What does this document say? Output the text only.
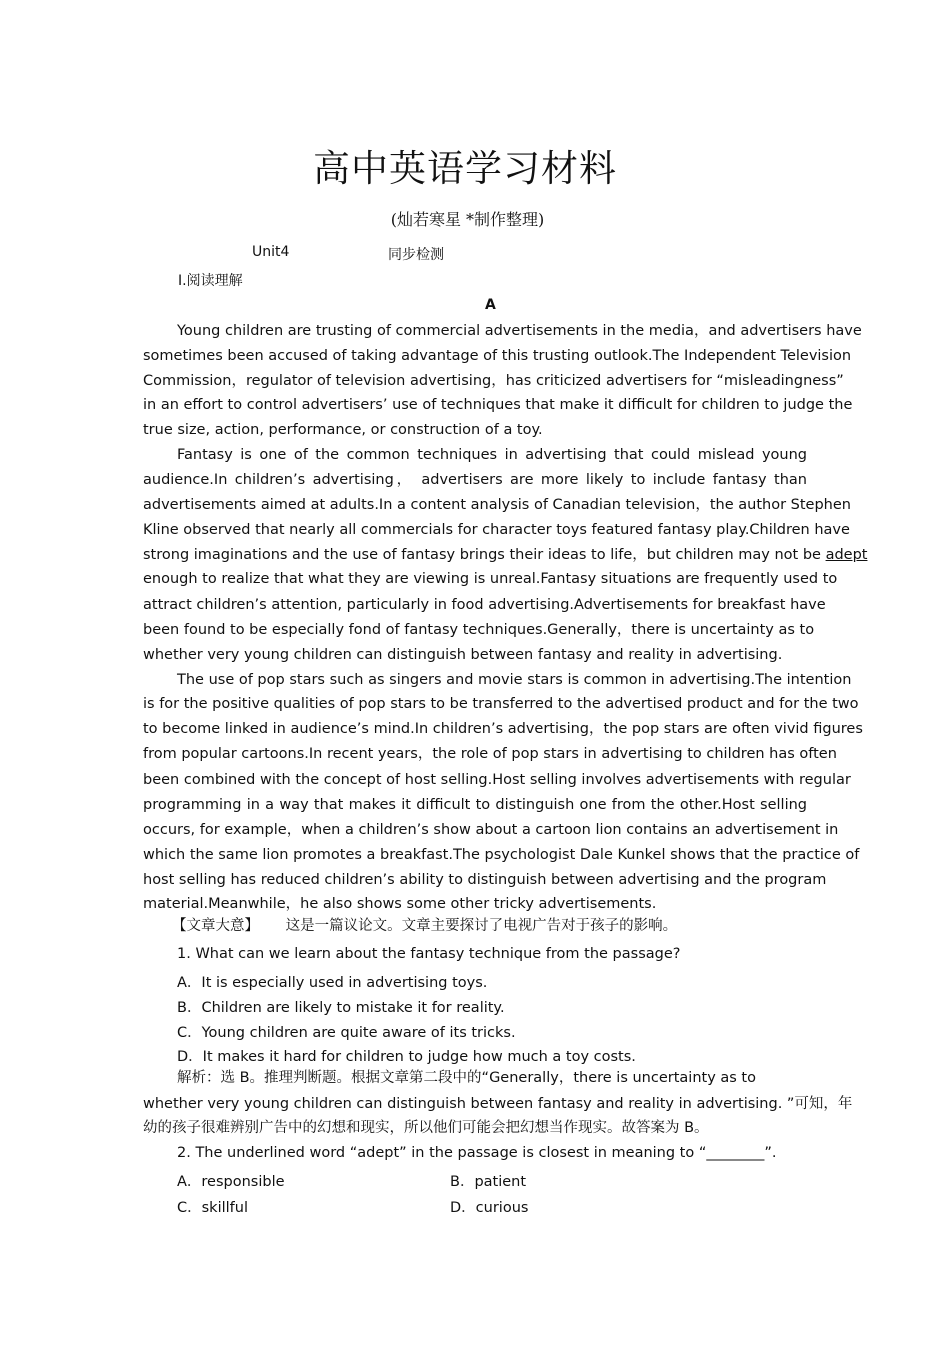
高中英语学习材料
(灿若寒星 *制作整理)
Unit4	同步检测
Ⅰ.阅读理解
A
Young children are trusting of commercial advertisements in the media，and advertisers have
sometimes been accused of taking advantage of this trusting outlook.The Independent Television
Commission，regulator of television advertising，has criticized advertisers for “misleadingness”
in an effort to control advertisers’ use of techniques that make it difficult for children to judge the
true size, action, performance, or construction of a toy.
Fantasy is one of the common techniques in advertising that could mislead young
audience.In children’s advertising， advertisers are more likely to include fantasy than
advertisements aimed at adults.In a content analysis of Canadian television，the author Stephen
Kline observed that nearly all commercials for character toys featured fantasy play.Children have
strong imaginations and the use of fantasy brings their ideas to life，but children may not be adept
enough to realize that what they are viewing is unreal.Fantasy situations are frequently used to
attract children’s attention, particularly in food advertising.Advertisements for breakfast have
been found to be especially fond of fantasy techniques.Generally，there is uncertainty as to
whether very young children can distinguish between fantasy and reality in advertising.
The use of pop stars such as singers and movie stars is common in advertising.The intention
is for the positive qualities of pop stars to be transferred to the advertised product and for the two
to become linked in audience’s mind.In children’s advertising，the pop stars are often vivid figures
from popular cartoons.In recent years，the role of pop stars in advertising to children has often
been combined with the concept of host selling.Host selling involves advertisements with regular
programming in a way that makes it difficult to distinguish one from the other.Host selling
occurs, for example，when a children’s show about a cartoon lion contains an advertisement in
which the same lion promotes a breakfast.The psychologist Dale Kunkel shows that the practice of
host selling has reduced children’s ability to distinguish between advertising and the program
material.Meanwhile，he also shows some other tricky advertisements.
【文章大意】 这是一篇议论文。文章主要探讨了电视广告对于孩子的影响。
1. What can we learn about the fantasy technique from the passage?
A．It is especially used in advertising toys.
B．Children are likely to mistake it for reality.
C．Young children are quite aware of its tricks.
D．It makes it hard for children to judge how much a toy costs.
解析：选 B。推理判断题。根据文章第二段中的“Generally，there is uncertainty as to
whether very young children can distinguish between fantasy and reality in advertising. ”可知，年
幼的孩子很难辨别广告中的幻想和现实，所以他们可能会把幻想当作现实。故答案为 B。
2. The underlined word “adept” in the passage is closest in meaning to “________”.
A．responsible	B．patient
C．skillful	D．curious
